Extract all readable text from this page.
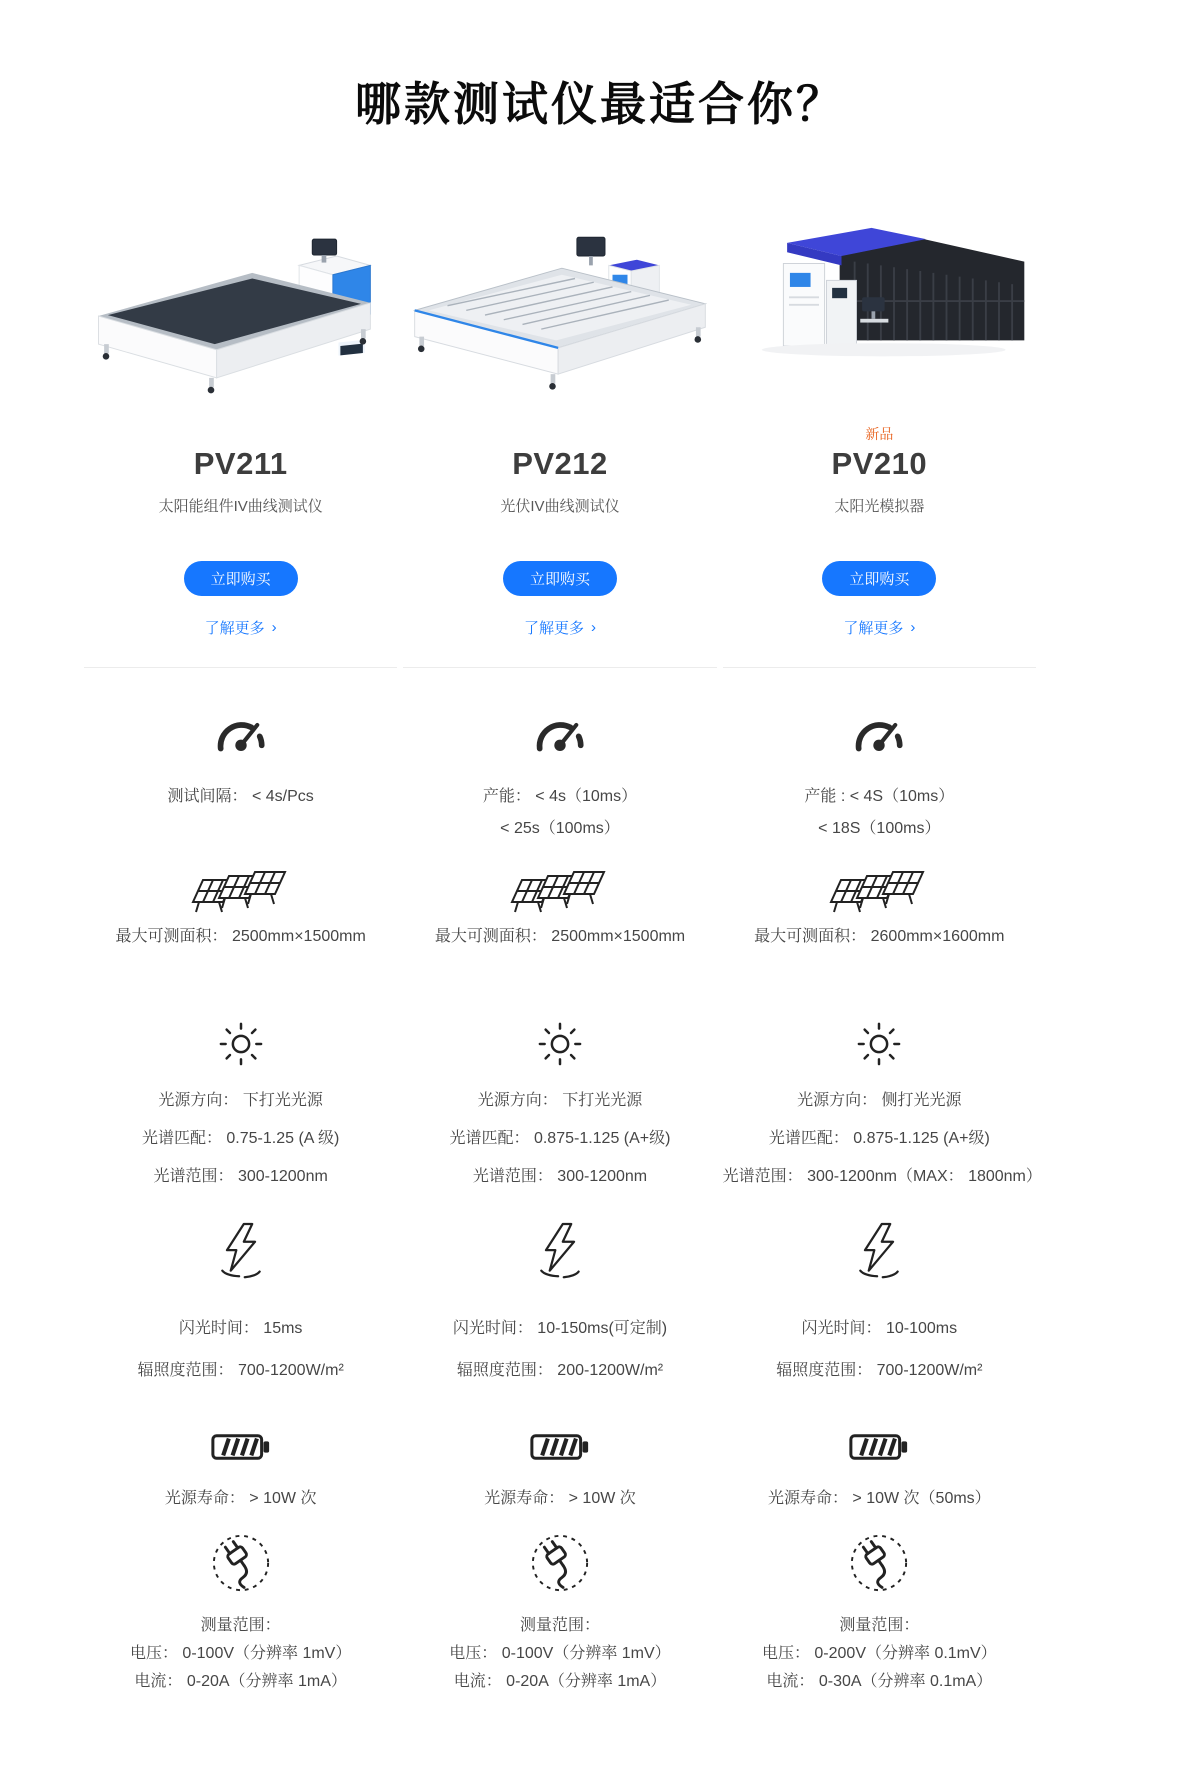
哪款测试仪最适合你？
PV211
太阳能组件IV曲线测试仪
立即购买
了解更多 ›
测试间隔： < 4s/Pcs
最大可测面积： 2500mm×1500mm
光源方向： 下打光光源
光谱匹配： 0.75-1.25 (A 级)
光谱范围： 300-1200nm
闪光时间： 15ms
辐照度范围： 700-1200W/m²
光源寿命： > 10W 次
测量范围：
电压： 0-100V（分辨率 1mV）
电流： 0-20A（分辨率 1mA）
PV212
光伏IV曲线测试仪
立即购买
了解更多 ›
产能： < 4s（10ms）
< 25s（100ms）
最大可测面积： 2500mm×1500mm
光源方向： 下打光光源
光谱匹配： 0.875-1.125 (A+级)
光谱范围： 300-1200nm
闪光时间： 10-150ms(可定制)
辐照度范围： 200-1200W/m²
光源寿命： > 10W 次
测量范围：
电压： 0-100V（分辨率 1mV）
电流： 0-20A（分辨率 1mA）
新品
PV210
太阳光模拟器
立即购买
了解更多 ›
产能 : < 4S（10ms）
< 18S（100ms）
最大可测面积： 2600mm×1600mm
光源方向： 侧打光光源
光谱匹配： 0.875-1.125 (A+级)
光谱范围： 300-1200nm（MAX： 1800nm）
闪光时间： 10-100ms
辐照度范围： 700-1200W/m²
光源寿命： > 10W 次（50ms）
测量范围：
电压： 0-200V（分辨率 0.1mV）
电流： 0-30A（分辨率 0.1mA）
